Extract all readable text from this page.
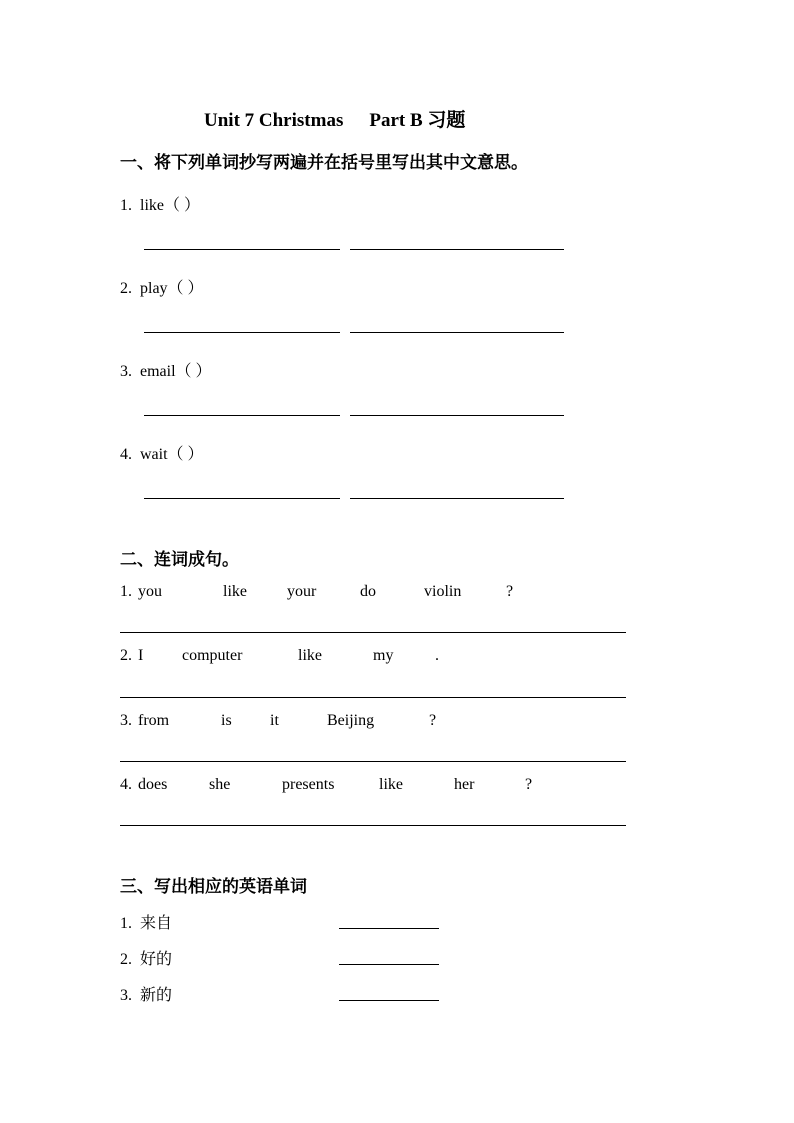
Unit 7 Christmas Part B 习题
一、将下列单词抄写两遍并在括号里写出其中文意思。
1. like（ ）
2. play（ ）
3. email（ ）
4. wait（ ）
二、连词成句。
1. you	like	your	do	violin	?
2. I computer	like	my	.
3. from	is it	Beijing	?
4. does	she	presents	like	her	?
三、写出相应的英语单词
1. 来自
2. 好的
3. 新的
